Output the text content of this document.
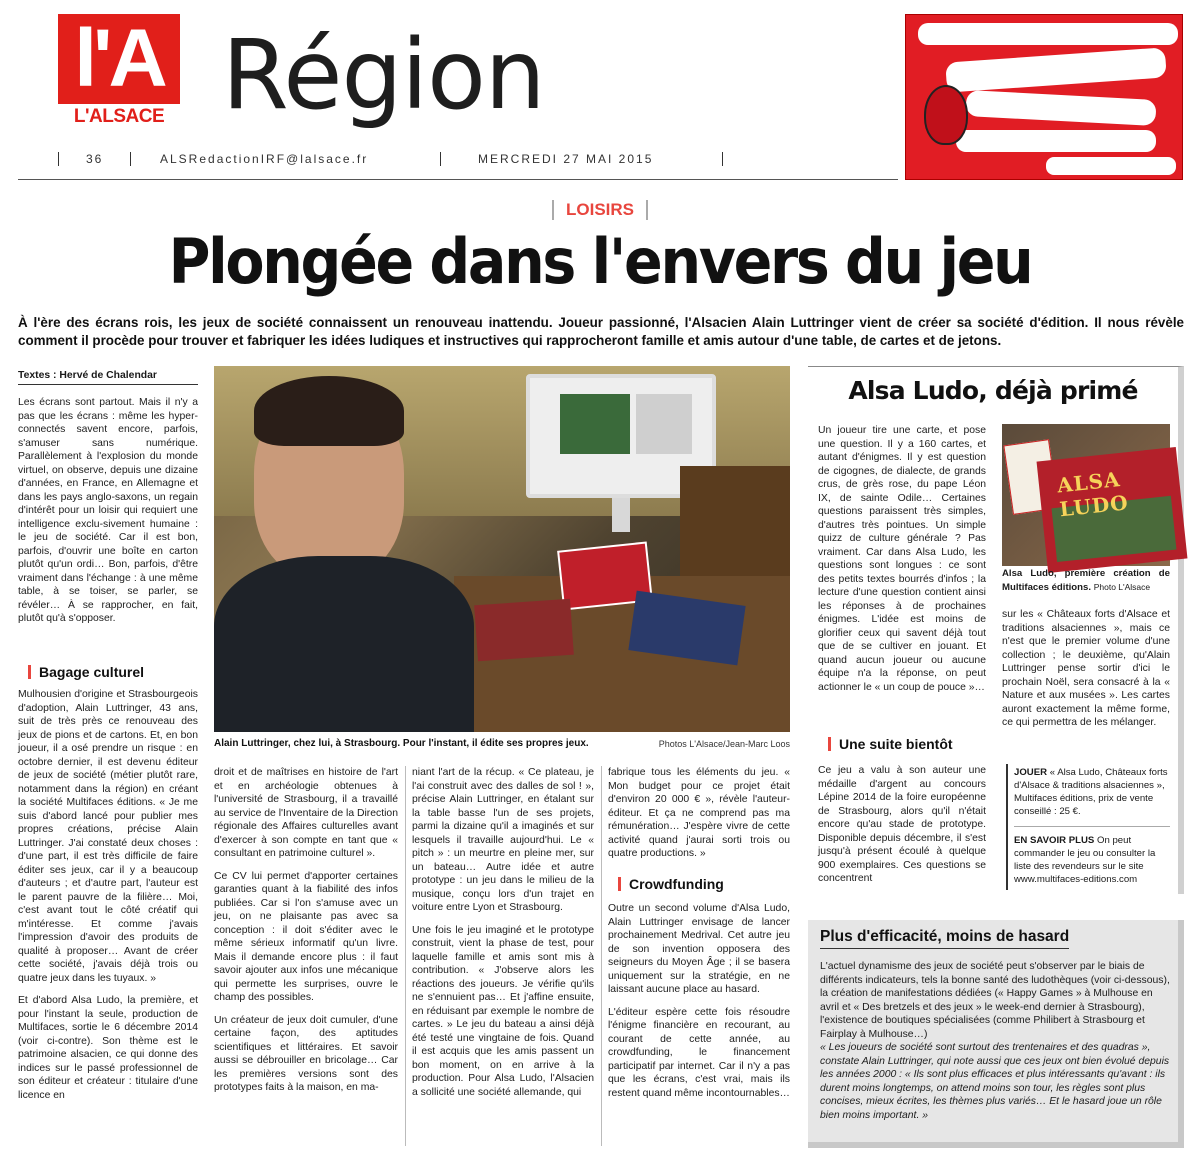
l'A
L'ALSACE Région
36	ALSRedactionIRF@lalsace.fr	MERCREDI 27 MAI 2015	6742200
LOISIRS
Plongée dans l'envers du jeu
À l'ère des écrans rois, les jeux de société connaissent un renouveau inattendu. Joueur passionné, l'Alsacien Alain Luttringer vient de créer sa société d'édition. Il nous révèle comment il procède pour trouver et fabriquer les idées ludiques et instructives qui rapprocheront famille et amis autour d'une table, de cartes et de jetons.
Textes : Hervé de Chalendar

Les écrans sont partout. Mais il n'y a pas que les écrans : même les hyper-connectés savent encore, parfois, s'amuser sans numérique. Parallèlement à l'explosion du monde virtuel, on observe, depuis une dizaine d'années, en France, en Allemagne et dans les pays anglo-saxons, un regain d'intérêt pour un loisir qui requiert une intelligence exclu-sivement humaine : le jeu de société. Car il est bon, parfois, d'ouvrir une boîte en carton plutôt qu'un ordi… Bon, parfois, d'être vraiment dans l'échange : à une même table, à se toiser, se parler, se révéler… À se rapprocher, en fait, plutôt qu'à s'opposer.

Bagage culturel

Mulhousien d'origine et Strasbourgeois d'adoption, Alain Luttringer, 43 ans, suit de très près ce renouveau des jeux de pions et de cartons. Et, en bon joueur, il a osé prendre un risque : en octobre dernier, il est devenu éditeur de jeux de société (métier plutôt rare, notamment dans la région) en créant la société Multifaces éditions. « Je me suis d'abord lancé pour publier mes propres créations, précise Alain Luttringer. J'ai constaté deux choses : d'une part, il est très difficile de faire éditer ses jeux, car il y a beaucoup d'auteurs ; et d'autre part, l'auteur est le parent pauvre de la filière… Moi, c'est avant tout le côté créatif qui m'intéresse. Et comme j'avais l'impression d'avoir des produits de qualité à proposer… Avant de créer cette société, j'avais déjà trois ou quatre jeux dans les tuyaux. »

Et d'abord Alsa Ludo, la première, et pour l'instant la seule, production de Multifaces, sortie le 6 décembre 2014 (voir ci-contre). Son thème est le patrimoine alsacien, ce qui donne des indices sur le passé professionnel de son éditeur et créateur : titulaire d'une licence en

Alain Luttringer, chez lui, à Strasbourg. Pour l'instant, il édite ses propres jeux.	Photos L'Alsace/Jean-Marc Loos

droit et de maîtrises en histoire de l'art et en archéologie obtenues à l'université de Strasbourg, il a travaillé au service de l'Inventaire de la Direction régionale des Affaires culturelles avant d'exercer à son compte en tant que « consultant en patrimoine culturel ».

Ce CV lui permet d'apporter certaines garanties quant à la fiabilité des infos publiées. Car si l'on s'amuse avec un jeu, on ne plaisante pas avec sa conception : il doit s'éditer avec le même sérieux informatif qu'un livre. Mais il demande encore plus : il faut savoir ajouter aux infos une mécanique qui permette les surprises, ouvre le champ des possibles.

Un créateur de jeux doit cumuler, d'une certaine façon, des aptitudes scientifiques et littéraires. Et savoir aussi se débrouiller en bricolage… Car les premières versions sont des prototypes faits à la maison, en ma-

niant l'art de la récup. « Ce plateau, je l'ai construit avec des dalles de sol ! », précise Alain Luttringer, en étalant sur la table basse l'un de ses projets, parmi la dizaine qu'il a imaginés et sur lesquels il travaille aujourd'hui. Le « pitch » : un meurtre en pleine mer, sur un bateau… Autre idée et autre prototype : un jeu dans le milieu de la musique, conçu lors d'un trajet en voiture entre Lyon et Strasbourg.

Une fois le jeu imaginé et le prototype construit, vient la phase de test, pour laquelle famille et amis sont mis à contribution. « J'observe alors les réactions des joueurs. Je vérifie qu'ils ne s'ennuient pas… Et j'affine ensuite, en réduisant par exemple le nombre de cartes. » Le jeu du bateau a ainsi déjà été testé une vingtaine de fois. Quand il est acquis que les amis passent un bon moment, on en arrive à la production. Pour Alsa Ludo, l'Alsacien a sollicité une société allemande, qui

fabrique tous les éléments du jeu. « Mon budget pour ce projet était d'environ 20 000 € », révèle l'auteur-éditeur. Et ça ne comprend pas ma rémunération… J'espère vivre de cette activité quand j'aurai sorti trois ou quatre productions. »

Crowdfunding

Outre un second volume d'Alsa Ludo, Alain Luttringer envisage de lancer prochainement Medrival. Cet autre jeu de son invention opposera des seigneurs du Moyen Âge ; il se basera uniquement sur la stratégie, en ne laissant aucune place au hasard.

L'éditeur espère cette fois résoudre l'énigme financière en recourant, au courant de cette année, au crowdfunding, le financement participatif par internet. Car il n'y a pas que les écrans, c'est vrai, mais ils restent quand même incontournables…

Alsa Ludo, déjà primé

Un joueur tire une carte, et pose une question. Il y a 160 cartes, et autant d'énigmes. Il y est question de cigognes, de dialecte, de grands crus, de grès rose, du pape Léon IX, de sainte Odile… Certaines questions paraissent très simples, d'autres très pointues. Un simple quizz de culture générale ? Pas vraiment. Car dans Alsa Ludo, les questions sont longues : ce sont des petits textes bourrés d'infos ; la lecture d'une question contient ainsi les réponses à de prochaines énigmes. L'idée est moins de glorifier ceux qui savent déjà tout que de se cultiver en jouant. Et quand aucun joueur ou aucune équipe n'a la réponse, on peut actionner le « un coup de pouce »…

ALSA LUDO
Alsa Ludo, première création de Multifaces éditions. Photo L'Alsace

sur les « Châteaux forts d'Alsace et traditions alsaciennes », mais ce n'est que le premier volume d'une collection ; le deuxième, qu'Alain Luttringer pense sortir d'ici le prochain Noël, sera consacré à la « Nature et aux musées ». Les cartes auront exactement la même forme, ce qui permettra de les mélanger.

Une suite bientôt

Ce jeu a valu à son auteur une médaille d'argent au concours Lépine 2014 de la foire européenne de Strasbourg, alors qu'il n'était encore qu'au stade de prototype. Disponible depuis décembre, il s'est jusqu'à présent écoulé à quelque 900 exemplaires. Ces questions se concentrent

JOUER « Alsa Ludo, Châteaux forts d'Alsace & traditions alsaciennes », Multifaces éditions, prix de vente conseillé : 25 €.
EN SAVOIR PLUS On peut commander le jeu ou consulter la liste des revendeurs sur le site www.multifaces-editions.com
Plus d'efficacité, moins de hasard

L'actuel dynamisme des jeux de société peut s'observer par le biais de différents indicateurs, tels la bonne santé des ludothèques (voir ci-dessous), la création de manifestations dédiées (« Happy Games » à Mulhouse en avril et « Des bretzels et des jeux » le week-end dernier à Strasbourg), l'existence de boutiques spécialisées (comme Philibert à Strasbourg et Fairplay à Mulhouse…)

« Les joueurs de société sont surtout des trentenaires et des quadras », constate Alain Luttringer, qui note aussi que ces jeux ont bien évolué depuis les années 2000 : « Ils sont plus efficaces et plus intéressants qu'avant : ils durent moins longtemps, on attend moins son tour, les règles sont plus concises, mieux écrites, les thèmes plus variés… Et le hasard joue un rôle bien moins important. »
